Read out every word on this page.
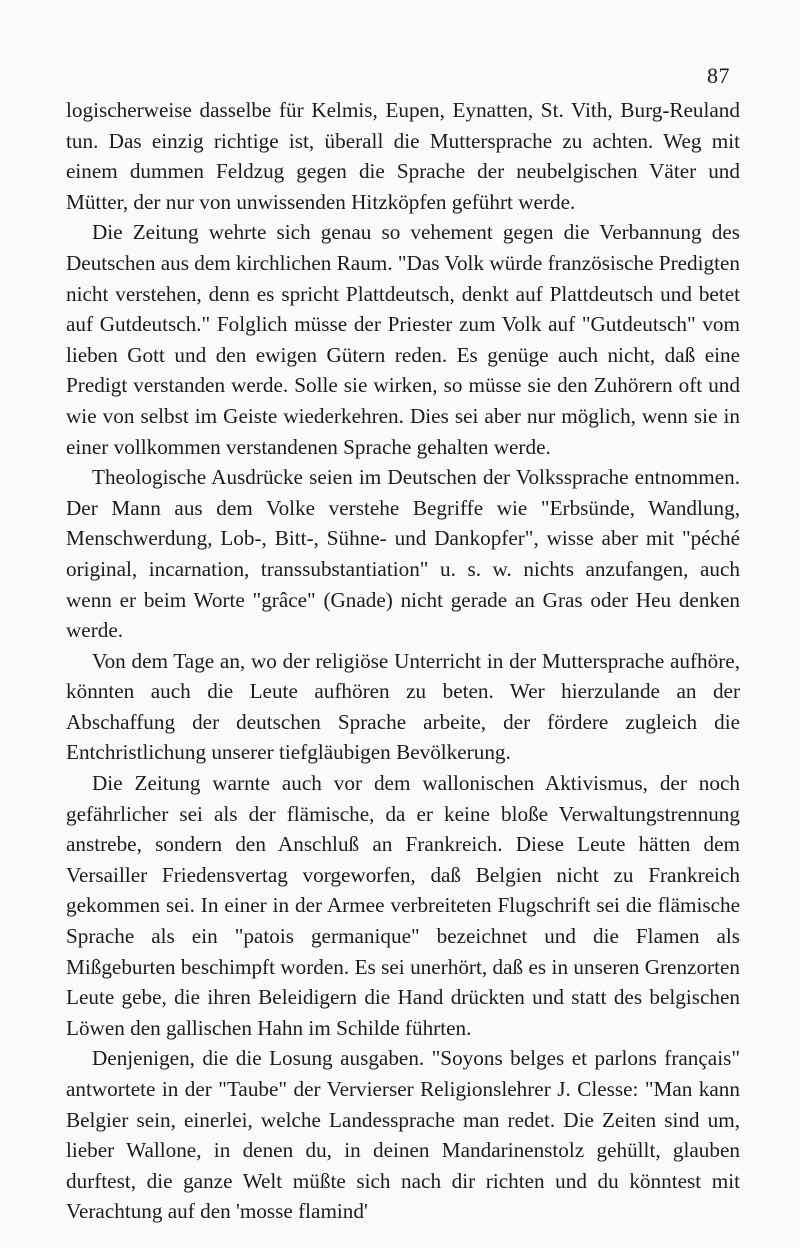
87

logischerweise dasselbe für Kelmis, Eupen, Eynatten, St. Vith, Burg-Reuland tun. Das einzig richtige ist, überall die Muttersprache zu achten. Weg mit einem dummen Feldzug gegen die Sprache der neubelgischen Väter und Mütter, der nur von unwissenden Hitzköpfen geführt werde.

Die Zeitung wehrte sich genau so vehement gegen die Verbannung des Deutschen aus dem kirchlichen Raum. "Das Volk würde französische Predigten nicht verstehen, denn es spricht Plattdeutsch, denkt auf Plattdeutsch und betet auf Gutdeutsch." Folglich müsse der Priester zum Volk auf "Gutdeutsch" vom lieben Gott und den ewigen Gütern reden. Es genüge auch nicht, daß eine Predigt verstanden werde. Solle sie wirken, so müsse sie den Zuhörern oft und wie von selbst im Geiste wiederkehren. Dies sei aber nur möglich, wenn sie in einer vollkommen verstandenen Sprache gehalten werde.

Theologische Ausdrücke seien im Deutschen der Volkssprache entnommen. Der Mann aus dem Volke verstehe Begriffe wie "Erbsünde, Wandlung, Menschwerdung, Lob-, Bitt-, Sühne- und Dankopfer", wisse aber mit "péché original, incarnation, transsubstantiation" u. s. w. nichts anzufangen, auch wenn er beim Worte "grâce" (Gnade) nicht gerade an Gras oder Heu denken werde.

Von dem Tage an, wo der religiöse Unterricht in der Muttersprache aufhöre, könnten auch die Leute aufhören zu beten. Wer hierzulande an der Abschaffung der deutschen Sprache arbeite, der fördere zugleich die Entchristlichung unserer tiefgläubigen Bevölkerung.

Die Zeitung warnte auch vor dem wallonischen Aktivismus, der noch gefährlicher sei als der flämische, da er keine bloße Verwaltungstrennung anstrebe, sondern den Anschluß an Frankreich. Diese Leute hätten dem Versailler Friedensvertag vorgeworfen, daß Belgien nicht zu Frankreich gekommen sei. In einer in der Armee verbreiteten Flugschrift sei die flämische Sprache als ein "patois germanique" bezeichnet und die Flamen als Mißgeburten beschimpft worden. Es sei unerhört, daß es in unseren Grenzorten Leute gebe, die ihren Beleidigern die Hand drückten und statt des belgischen Löwen den gallischen Hahn im Schilde führten.

Denjenigen, die die Losung ausgaben. "Soyons belges et parlons français" antwortete in der "Taube" der Vervierser Religionslehrer J. Clesse: "Man kann Belgier sein, einerlei, welche Landessprache man redet. Die Zeiten sind um, lieber Wallone, in denen du, in deinen Mandarinenstolz gehüllt, glauben durftest, die ganze Welt müßte sich nach dir richten und du könntest mit Verachtung auf den 'mosse flamind'
